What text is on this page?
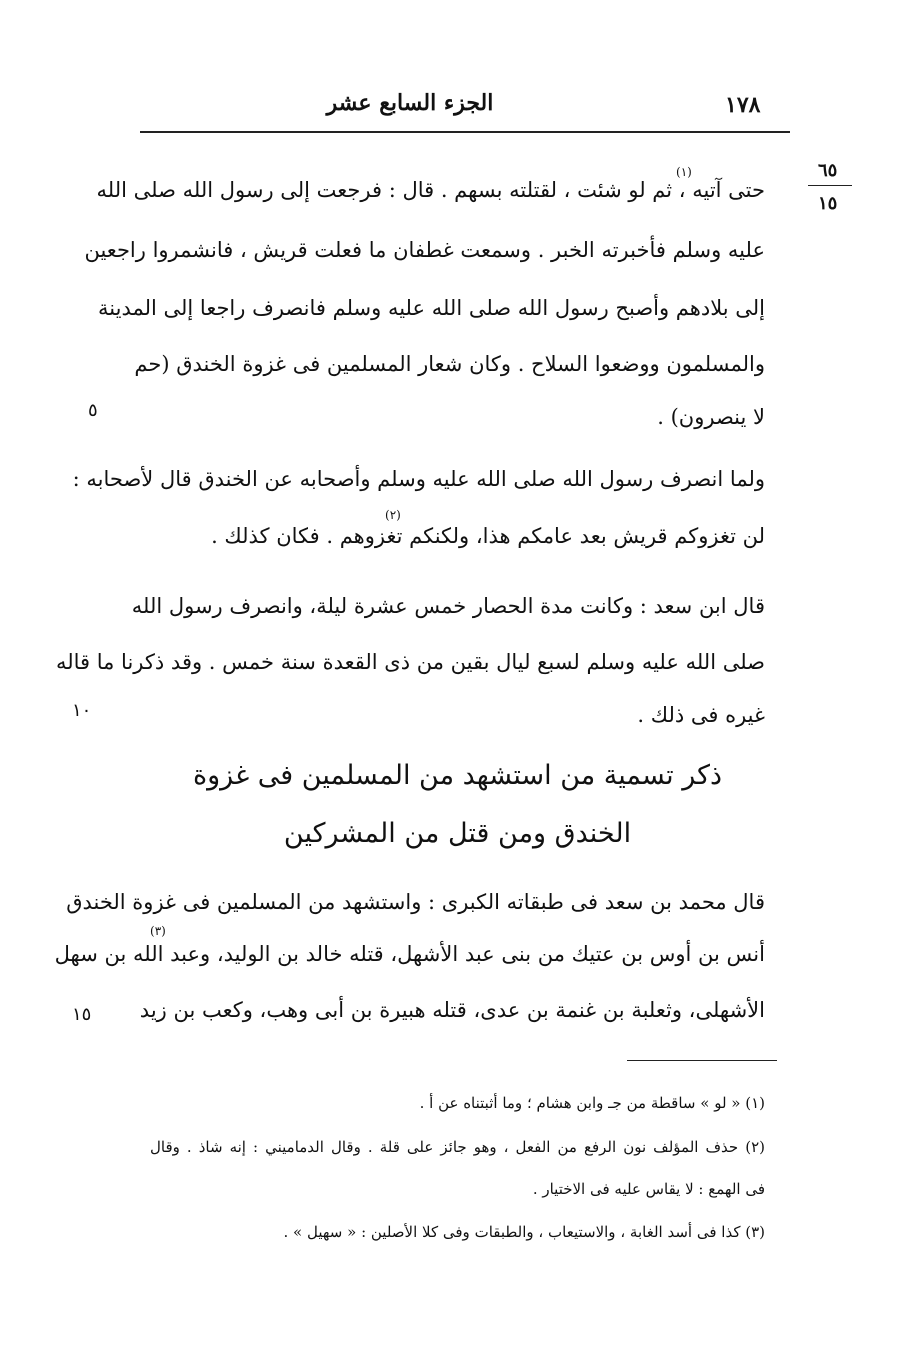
١٧٨
الجزء السابع عشر
٦٥
١٥
٥
١٠
١٥
(١)
حتى آتيه ، ثم لو شئت ، لقتلته بسهم . قال : فرجعت إلى رسول الله صلى الله
عليه وسلم فأخبرته الخبر . وسمعت غطفان ما فعلت قريش ، فانشمروا راجعين
إلى بلادهم وأصبح رسول الله صلى الله عليه وسلم فانصرف راجعا إلى المدينة
والمسلمون ووضعوا السلاح . وكان شعار المسلمين فى غزوة الخندق (حم
لا ينصرون) .
ولما انصرف رسول الله صلى الله عليه وسلم وأصحابه عن الخندق قال لأصحابه :
(٢)
لن تغزوكم قريش بعد عامكم هذا، ولكنكم تغزوهم . فكان كذلك .
قال ابن سعد : وكانت مدة الحصار خمس عشرة ليلة، وانصرف رسول الله
صلى الله عليه وسلم لسبع ليال بقين من ذى القعدة سنة خمس . وقد ذكرنا ما قاله
غيره فى ذلك .
ذكر تسمية من استشهد من المسلمين فى غزوة
الخندق ومن قتل من المشركين
قال محمد بن سعد فى طبقاته الكبرى : واستشهد من المسلمين فى غزوة الخندق
(٣)
أنس بن أوس بن عتيك من بنى عبد الأشهل، قتله خالد بن الوليد، وعبد الله بن سهل
الأشهلى، وثعلبة بن غنمة بن عدى، قتله هبيرة بن أبى وهب، وكعب بن زيد
(١) « لو » ساقطة من جـ وابن هشام ؛ وما أثبتناه عن أ .
(٢) حذف المؤلف نون الرفع من الفعل ، وهو جائز على قلة . وقال الدماميني : إنه شاذ . وقال
فى الهمع : لا يقاس عليه فى الاختيار .
(٣) كذا فى أسد الغابة ، والاستيعاب ، والطبقات وفى كلا الأصلين : « سهيل » .
